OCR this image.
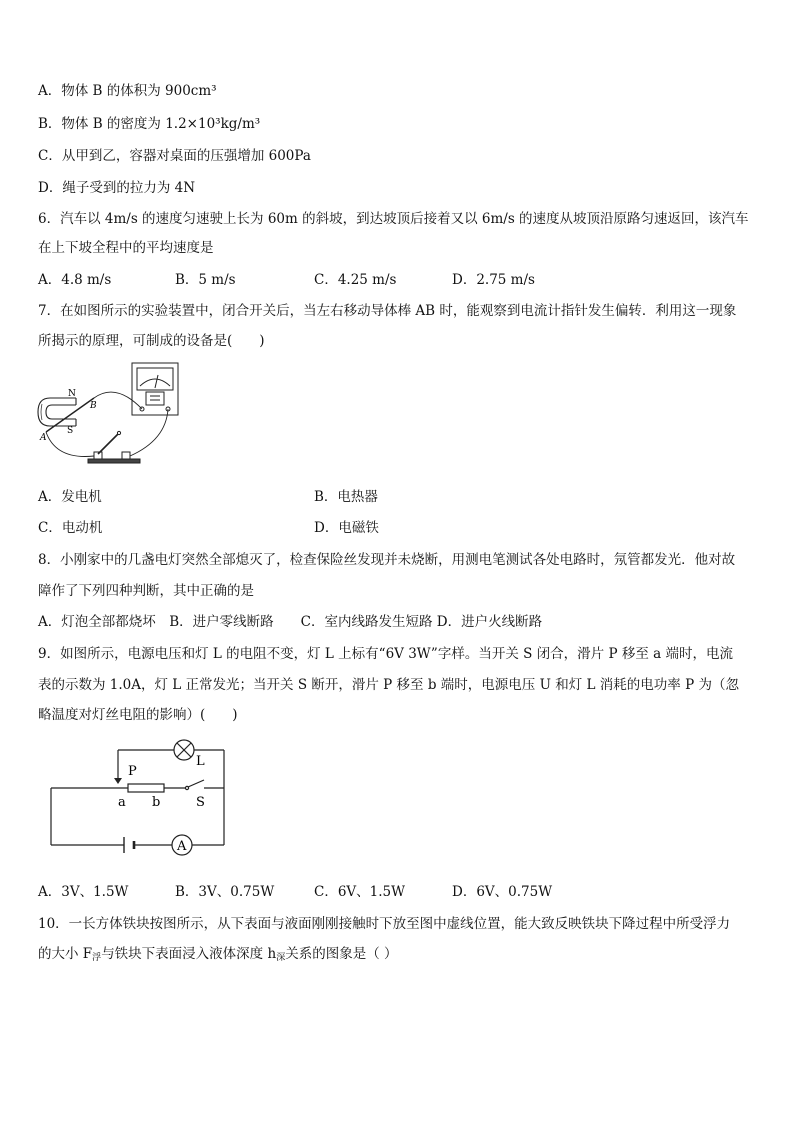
A．物体 B 的体积为 900cm³
B．物体 B 的密度为 1.2×10³kg/m³
C．从甲到乙，容器对桌面的压强增加 600Pa
D．绳子受到的拉力为 4N
6．汽车以 4m/s 的速度匀速驶上长为 60m 的斜坡，到达坡顶后接着又以 6m/s 的速度从坡顶沿原路匀速返回，该汽车
在上下坡全程中的平均速度是
A．4.8 m/s	B．5 m/s	C．4.25 m/s	D．2.75 m/s
7．在如图所示的实验装置中，闭合开关后，当左右移动导体棒 AB 时，能观察到电流计指针发生偏转．利用这一现象
所揭示的原理，可制成的设备是(　　)
N
B
S
A
A．发电机	B．电热器
C．电动机	D．电磁铁
8．小刚家中的几盏电灯突然全部熄灭了，检查保险丝发现并未烧断，用测电笔测试各处电路时，氖管都发光．他对故
障作了下列四种判断，其中正确的是
A．灯泡全部都烧坏　B．进户零线断路　　C．室内线路发生短路 D．进户火线断路
9．如图所示，电源电压和灯 L 的电阻不变，灯 L 上标有“6V 3W”字样。当开关 S 闭合，滑片 P 移至 a 端时，电流
表的示数为 1.0A，灯 L 正常发光；当开关 S 断开，滑片 P 移至 b 端时，电源电压 U 和灯 L 消耗的电功率 P 为（忽
略温度对灯丝电阻的影响）(　　)
A
P
L
a b	S
A．3V、1.5W	B．3V、0.75W	C．6V、1.5W	D．6V、0.75W
10．一长方体铁块按图所示，从下表面与液面刚刚接触时下放至图中虚线位置，能大致反映铁块下降过程中所受浮力
的大小 $F_浮$与铁块下表面浸入液体深度 $h_深$关系的图象是（ ）
